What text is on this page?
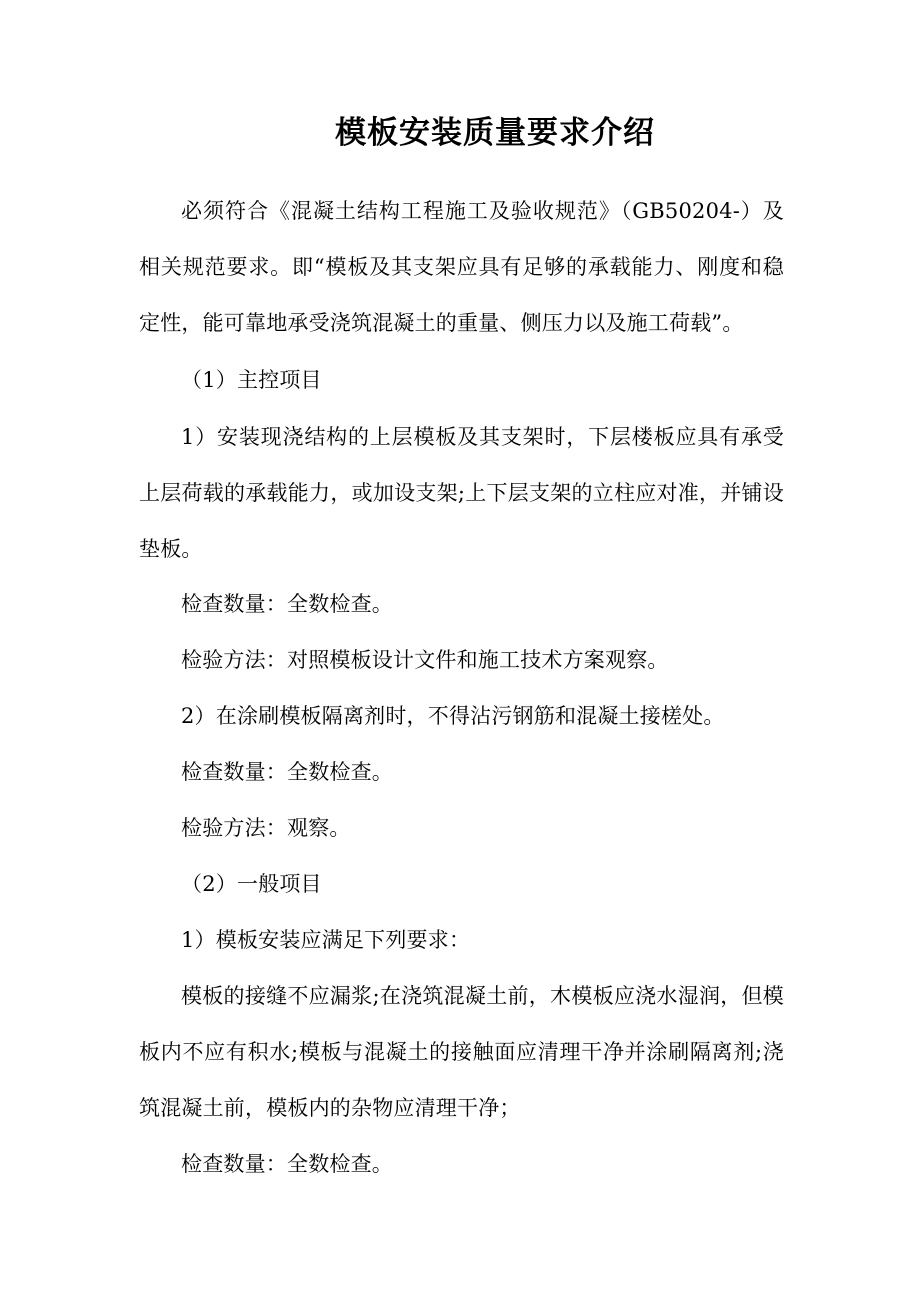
模板安装质量要求介绍
必须符合《混凝土结构工程施工及验收规范》（GB50204-）及相关规范要求。即“模板及其支架应具有足够的承载能力、刚度和稳定性，能可靠地承受浇筑混凝土的重量、侧压力以及施工荷载”。
（1）主控项目
1）安装现浇结构的上层模板及其支架时，下层楼板应具有承受上层荷载的承载能力，或加设支架;上下层支架的立柱应对准，并铺设垫板。
检查数量：全数检查。
检验方法：对照模板设计文件和施工技术方案观察。
2）在涂刷模板隔离剂时，不得沾污钢筋和混凝土接槎处。
检查数量：全数检查。
检验方法：观察。
（2）一般项目
1）模板安装应满足下列要求：
模板的接缝不应漏浆;在浇筑混凝土前，木模板应浇水湿润，但模板内不应有积水;模板与混凝土的接触面应清理干净并涂刷隔离剂;浇筑混凝土前，模板内的杂物应清理干净；
检查数量：全数检查。
